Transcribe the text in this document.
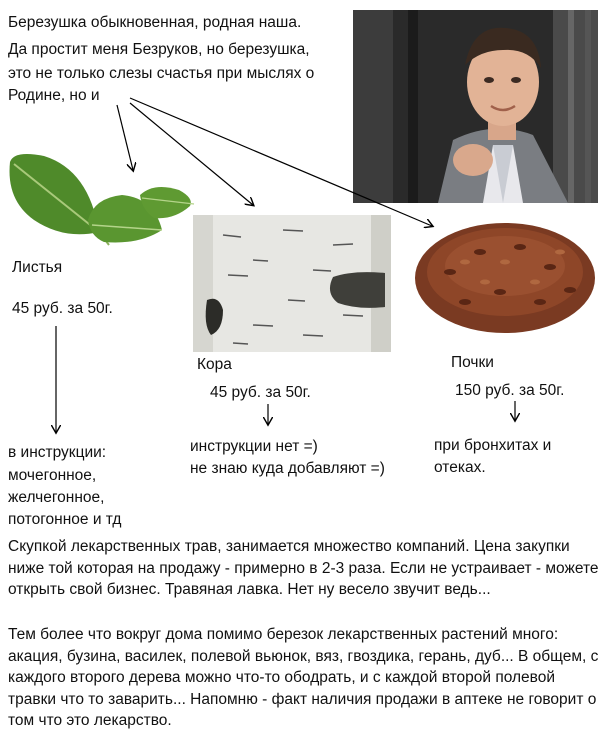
Березушка обыкновенная, родная наша.
Да простит меня Безруков, но березушка,
это не только слезы счастья при мыслях о
Родине, но и
Листья
45 руб. за 50г.
в инструкции:
мочегонное,
желчегонное,
потогонное и тд
Кора
45 руб. за 50г.
инструкции нет =)
не знаю куда добавляют =)
Почки
150 руб. за 50г.
при бронхитах и
отеках.
Скупкой лекарственных трав, занимается множество компаний. Цена закупки ниже той которая на продажу - примерно в 2-3 раза. Если не устраивает - можете открыть свой бизнес. Травяная лавка. Нет ну весело звучит ведь...
Тем более что вокруг дома помимо березок лекарственных растений много: акация, бузина, василек, полевой вьюнок, вяз, гвоздика, герань, дуб... В общем, с каждого второго дерева можно что-то ободрать, и с каждой второй полевой травки что то заварить... Напомню - факт наличия продажи в аптеке не говорит о том что это лекарство.
